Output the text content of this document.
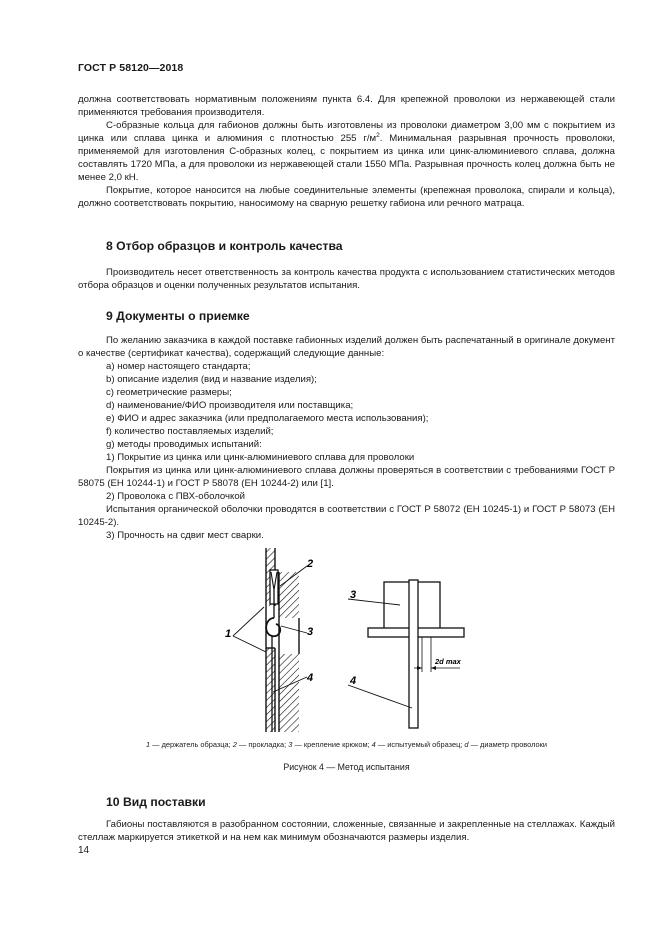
ГОСТ Р 58120—2018

должна соответствовать нормативным положениям пункта 6.4. Для крепежной проволоки из нержавеющей стали применяются требования производителя.

C-образные кольца для габионов должны быть изготовлены из проволоки диаметром 3,00 мм с покрытием из цинка или сплава цинка и алюминия с плотностью 255 $г/м^2$. Минимальная разрывная прочность проволоки, применяемой для изготовления C-образных колец, с покрытием из цинка или цинк-алюминиевого сплава, должна составлять 1720 МПа, а для проволоки из нержавеющей стали 1550 МПа. Разрывная прочность колец должна быть не менее 2,0 кН.

Покрытие, которое наносится на любые соединительные элементы (крепежная проволока, спирали и кольца), должно соответствовать покрытию, наносимому на сварную решетку габиона или речного матраца.

8 Отбор образцов и контроль качества

Производитель несет ответственность за контроль качества продукта с использованием статистических методов отбора образцов и оценки полученных результатов испытания.

9 Документы о приемке

По желанию заказчика в каждой поставке габионных изделий должен быть распечатанный в оригинале документ о качестве (сертификат качества), содержащий следующие данные:

a) номер настоящего стандарта;
b) описание изделия (вид и название изделия);
c) геометрические размеры;
d) наименование/ФИО производителя или поставщика;
e) ФИО и адрес заказчика (или предполагаемого места использования);
f) количество поставляемых изделий;
g) методы проводимых испытаний:
1) Покрытие из цинка или цинк-алюминиевого сплава для проволоки

Покрытия из цинка или цинк-алюминиевого сплава должны проверяться в соответствии с требованиями ГОСТ Р 58075 (ЕН 10244-1) и ГОСТ Р 58078 (ЕН 10244-2) или [1].

2) Проволока с ПВХ-оболочкой

Испытания органической оболочки проводятся в соответствии с ГОСТ Р 58072 (ЕН 10245-1) и ГОСТ Р 58073 (ЕН 10245-2).

3) Прочность на сдвиг мест сварки.
2
3
4
1
3
4
2d max
1 — держатель образца; 2 — прокладка; 3 — крепление крюком; 4 — испытуемый образец; d — диаметр проволоки
Рисунок 4 — Метод испытания
10 Вид поставки

Габионы поставляются в разобранном состоянии, сложенные, связанные и закрепленные на стеллажах. Каждый стеллаж маркируется этикеткой и на нем как минимум обозначаются размеры изделия.

14
